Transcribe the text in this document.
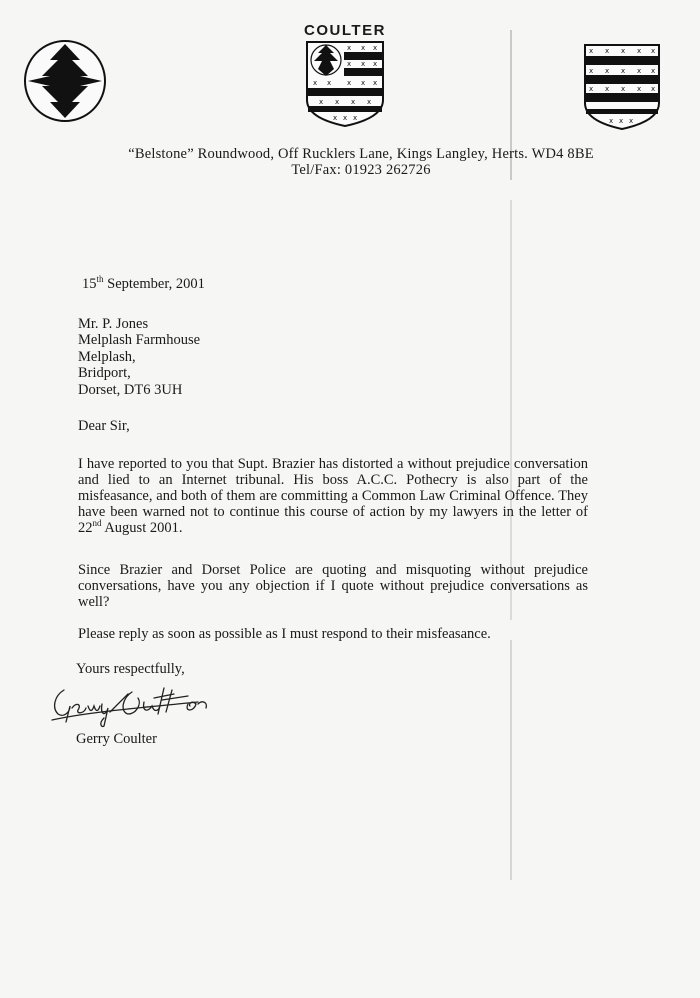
COULTER
x x x
x x x
x x x x x
x x x x
x x x
x x x x x
x x x x x
x x x x x
x x x
“Belstone” Roundwood, Off Rucklers Lane, Kings Langley, Herts. WD4 8BE
Tel/Fax: 01923 262726
15th September, 2001
Mr. P. Jones
Melplash Farmhouse
Melplash,
Bridport,
Dorset, DT6 3UH
Dear Sir,
I have reported to you that Supt. Brazier has distorted a without prejudice conversation and lied to an Internet tribunal. His boss A.C.C. Pothecry is also part of the misfeasance, and both of them are committing a Common Law Criminal Offence. They have been warned not to continue this course of action by my lawyers in the letter of 22nd August 2001.
Since Brazier and Dorset Police are quoting and misquoting without prejudice conversations, have you any objection if I quote without prejudice conversations as well?
Please reply as soon as possible as I must respond to their misfeasance.
Yours respectfully,
Gerry Coulter
